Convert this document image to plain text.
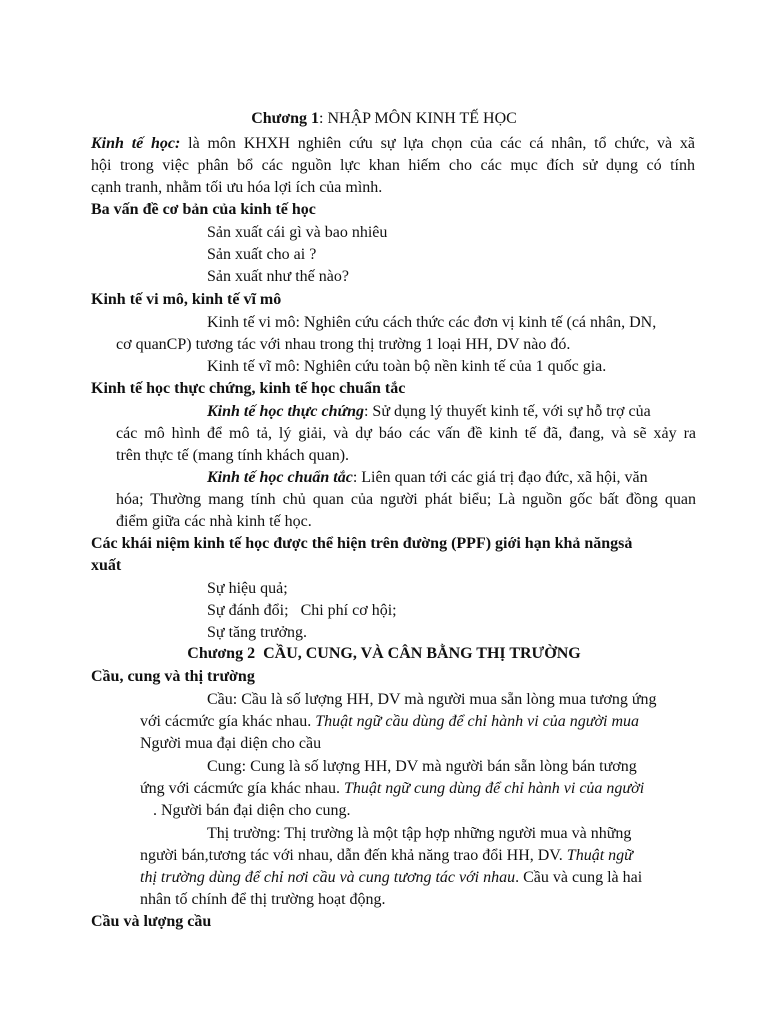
Chương 1: NHẬP MÔN KINH TẾ HỌC
Kinh tế học: là môn KHXH nghiên cứu sự lựa chọn của các cá nhân, tổ chức, và xã
hội trong việc phân bổ các nguồn lực khan hiếm cho các mục đích sử dụng có tính
cạnh tranh, nhằm tối ưu hóa lợi ích của mình.
Ba vấn đề cơ bản của kinh tế học
Sản xuất cái gì và bao nhiêu
Sản xuất cho ai ?
Sản xuất như thế nào?
Kinh tế vi mô, kinh tế vĩ mô
Kinh tế vi mô: Nghiên cứu cách thức các đơn vị kinh tế (cá nhân, DN,
cơ quanCP) tương tác với nhau trong thị trường 1 loại HH, DV nào đó.
Kinh tế vĩ mô: Nghiên cứu toàn bộ nền kinh tế của 1 quốc gia.
Kinh tế học thực chứng, kinh tế học chuẩn tắc
Kinh tế học thực chứng: Sử dụng lý thuyết kinh tế, với sự hỗ trợ của
các mô hình để mô tả, lý giải, và dự báo các vấn đề kinh tế đã, đang, và sẽ xảy ra
trên thực tế (mang tính khách quan).
Kinh tế học chuẩn tắc: Liên quan tới các giá trị đạo đức, xã hội, văn
hóa; Thường mang tính chủ quan của người phát biểu; Là nguồn gốc bất đồng quan
điểm giữa các nhà kinh tế học.
Các khái niệm kinh tế học được thể hiện trên đường (PPF) giới hạn khả năngsả
xuất
Sự hiệu quả;
Sự đánh đổi;   Chi phí cơ hội;
Sự tăng trưởng.
Chương 2  CẦU, CUNG, VÀ CÂN BẰNG THỊ TRƯỜNG
Cầu, cung và thị trường
Cầu: Cầu là số lượng HH, DV mà người mua sẵn lòng mua tương ứng
với cácmức gía khác nhau. Thuật ngữ cầu dùng để chỉ hành vi của người mua
Người mua đại diện cho cầu
Cung: Cung là số lượng HH, DV mà người bán sẵn lòng bán tương
ứng với cácmức gía khác nhau. Thuật ngữ cung dùng để chỉ hành vi của người
. Người bán đại diện cho cung.
Thị trường: Thị trường là một tập hợp những người mua và những
người bán,tương tác với nhau, dẫn đến khả năng trao đổi HH, DV. Thuật ngữ
thị trường dùng để chỉ nơi cầu và cung tương tác với nhau. Cầu và cung là hai
nhân tố chính để thị trường hoạt động.
Cầu và lượng cầu
